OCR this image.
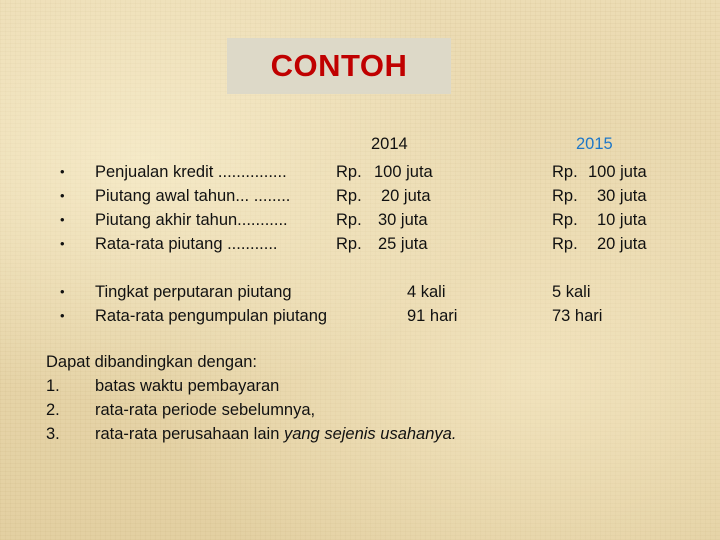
CONTOH
2014	2015
• Penjualan kredit ...............	Rp. 100 juta	Rp. 100 juta
• Piutang awal tahun... ........	Rp. 20 juta	Rp. 30 juta
• Piutang akhir tahun...........	Rp. 30 juta	Rp. 10 juta
• Rata-rata piutang ...........	Rp. 25 juta	Rp. 20 juta
• Tingkat perputaran piutang	4 kali	5 kali
• Rata-rata pengumpulan piutang	91 hari	73 hari
Dapat dibandingkan dengan:
1. batas waktu pembayaran
2. rata-rata periode sebelumnya,
3. rata-rata perusahaan lain yang sejenis usahanya.
